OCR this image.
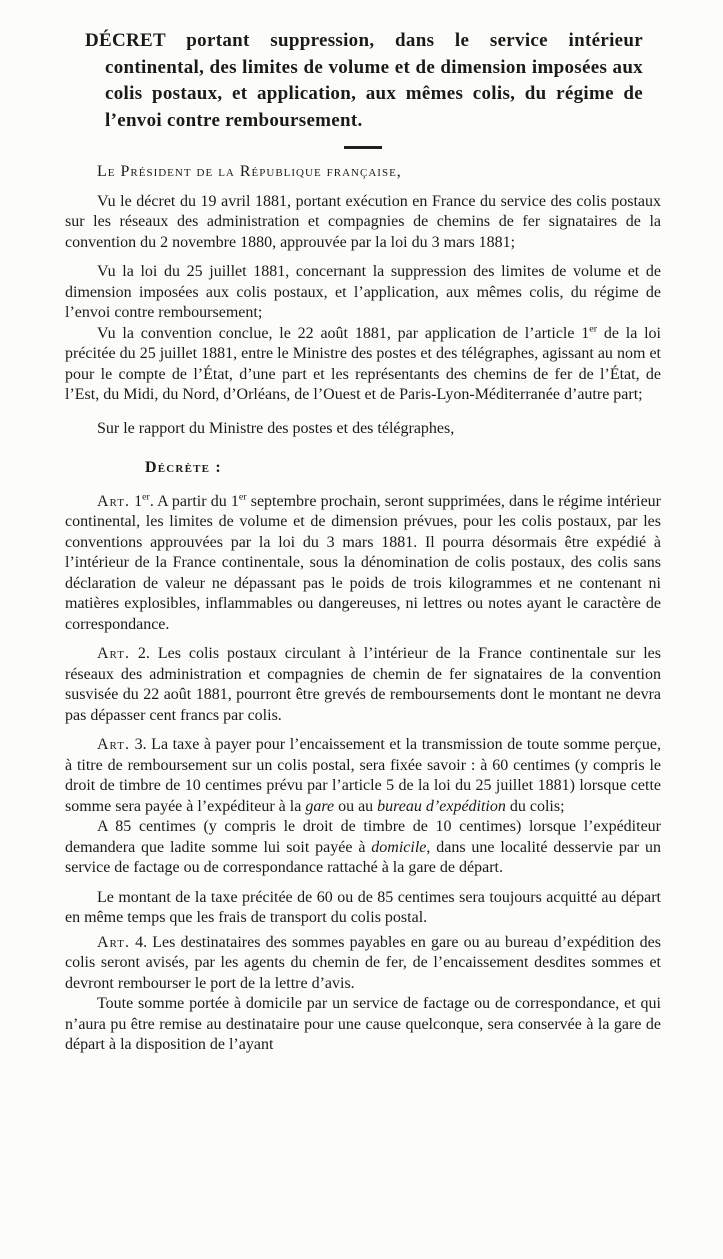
DÉCRET portant suppression, dans le service intérieur continental, des limites de volume et de dimension imposées aux colis postaux, et application, aux mêmes colis, du régime de l’envoi contre remboursement.

Le Président de la République française,

Vu le décret du 19 avril 1881, portant exécution en France du service des colis postaux sur les réseaux des administration et compagnies de chemins de fer signataires de la convention du 2 novembre 1880, approuvée par la loi du 3 mars 1881;

Vu la loi du 25 juillet 1881, concernant la suppression des limites de volume et de dimension imposées aux colis postaux, et l’application, aux mêmes colis, du régime de l’envoi contre remboursement;

Vu la convention conclue, le 22 août 1881, par application de l’article 1er de la loi précitée du 25 juillet 1881, entre le Ministre des postes et des télégraphes, agissant au nom et pour le compte de l’État, d’une part et les représentants des chemins de fer de l’État, de l’Est, du Midi, du Nord, d’Orléans, de l’Ouest et de Paris-Lyon-Méditerranée d’autre part;

Sur le rapport du Ministre des postes et des télégraphes,

Décrète :

Art. 1er. A partir du 1er septembre prochain, seront supprimées, dans le régime intérieur continental, les limites de volume et de dimension prévues, pour les colis postaux, par les conventions approuvées par la loi du 3 mars 1881. Il pourra désormais être expédié à l’intérieur de la France continentale, sous la dénomination de colis postaux, des colis sans déclaration de valeur ne dépassant pas le poids de trois kilogrammes et ne contenant ni matières explosibles, inflammables ou dangereuses, ni lettres ou notes ayant le caractère de correspondance.

Art. 2. Les colis postaux circulant à l’intérieur de la France continentale sur les réseaux des administration et compagnies de chemin de fer signataires de la convention susvisée du 22 août 1881, pourront être grevés de remboursements dont le montant ne devra pas dépasser cent francs par colis.

Art. 3. La taxe à payer pour l’encaissement et la transmission de toute somme perçue, à titre de remboursement sur un colis postal, sera fixée savoir : à 60 centimes (y compris le droit de timbre de 10 centimes prévu par l’article 5 de la loi du 25 juillet 1881) lorsque cette somme sera payée à l’expéditeur à la gare ou au bureau d’expédition du colis;

A 85 centimes (y compris le droit de timbre de 10 centimes) lorsque l’expéditeur demandera que ladite somme lui soit payée à domicile, dans une localité desservie par un service de factage ou de correspondance rattaché à la gare de départ.

Le montant de la taxe précitée de 60 ou de 85 centimes sera toujours acquitté au départ en même temps que les frais de transport du colis postal.

Art. 4. Les destinataires des sommes payables en gare ou au bureau d’expédition des colis seront avisés, par les agents du chemin de fer, de l’encaissement desdites sommes et devront rembourser le port de la lettre d’avis.

Toute somme portée à domicile par un service de factage ou de correspondance, et qui n’aura pu être remise au destinataire pour une cause quelconque, sera conservée à la gare de départ à la disposition de l’ayant
